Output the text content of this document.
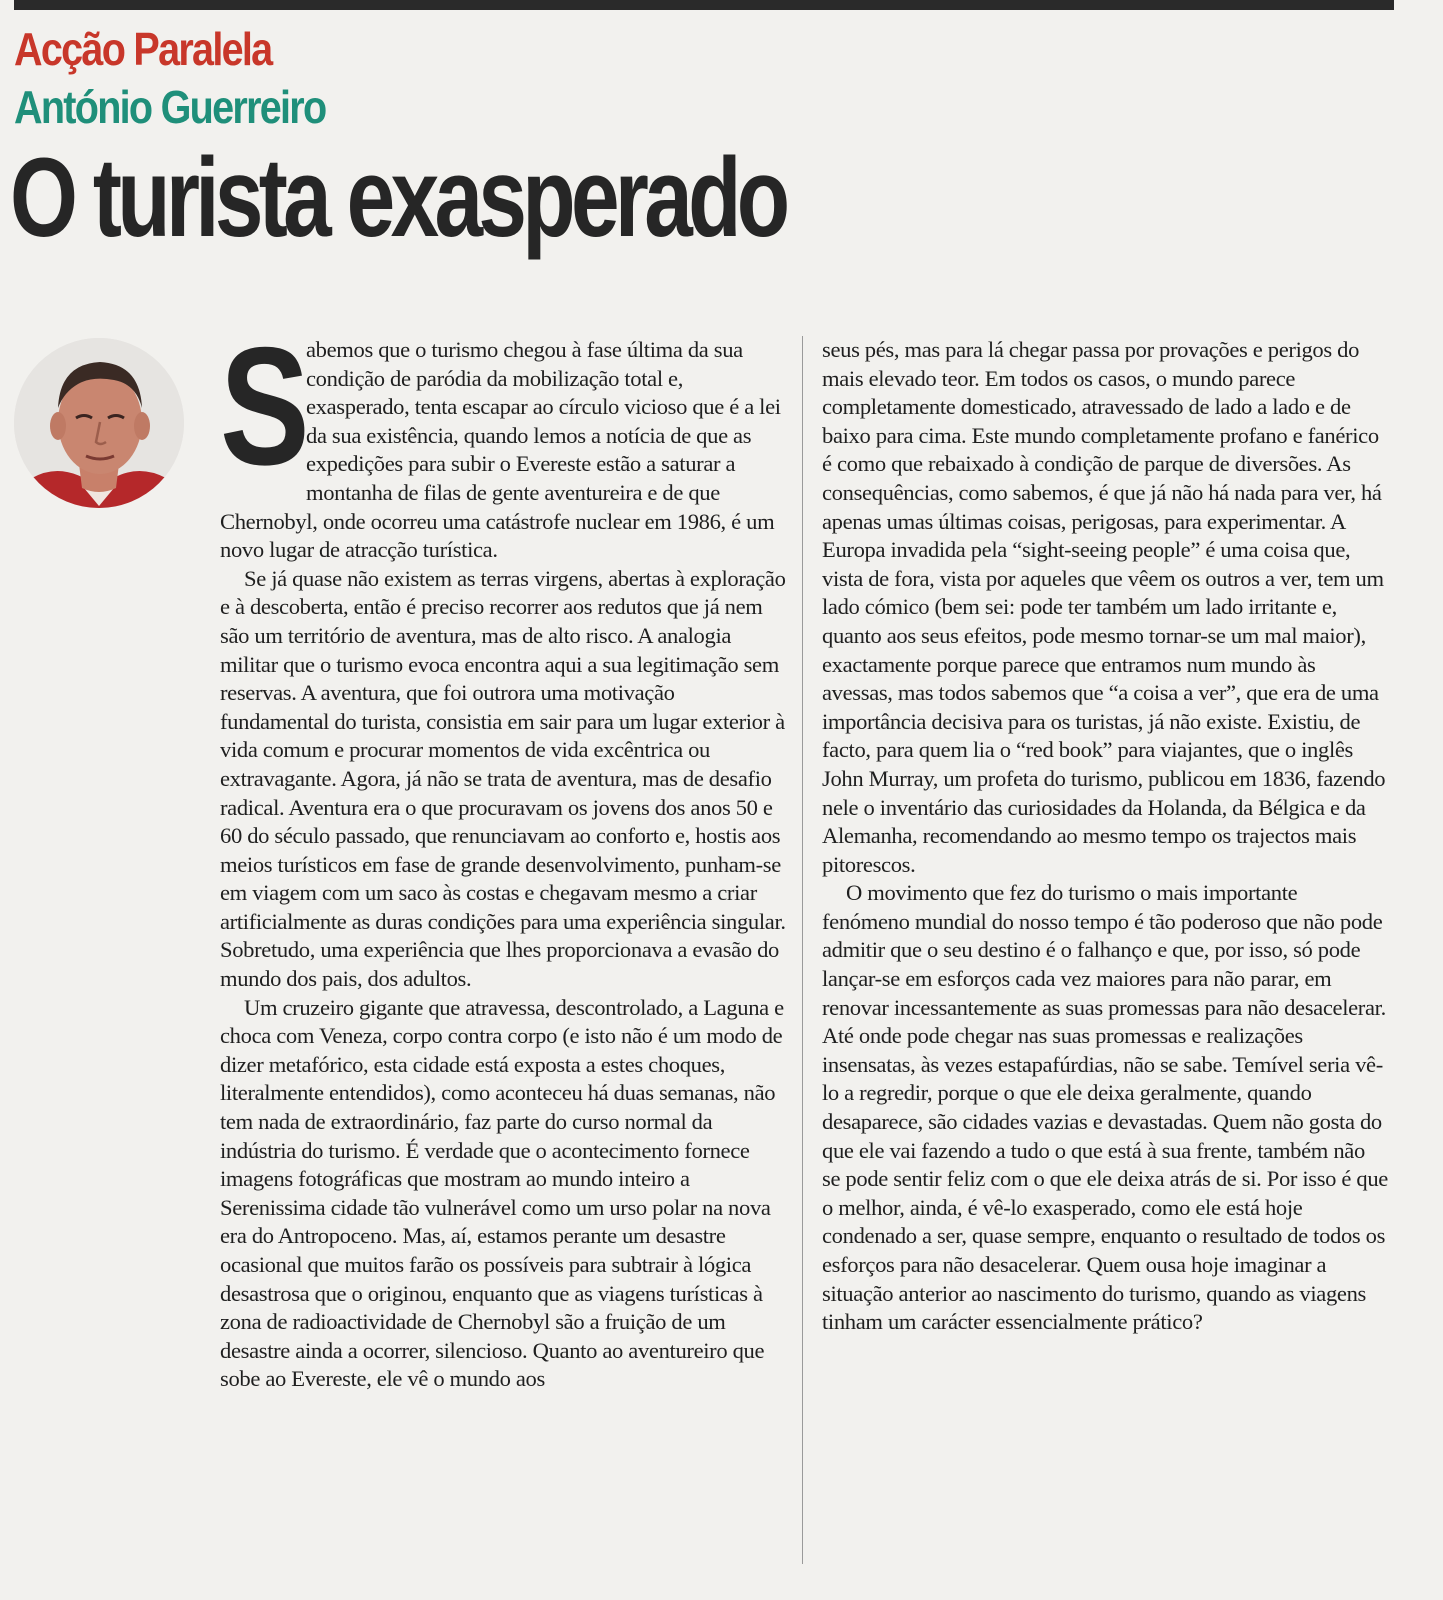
Acção Paralela
António Guerreiro
O turista exasperado
S

abemos que o turismo chegou à fase última da sua condição de paródia da mobilização total e, exasperado, tenta escapar ao círculo vicioso que é a lei da sua existência, quando lemos a notícia de que as expedições para subir o Evereste estão a saturar a montanha de filas de gente aventureira e de que Chernobyl, onde ocorreu uma catástrofe nuclear em 1986, é um novo lugar de atracção turística.

Se já quase não existem as terras virgens, abertas à exploração e à descoberta, então é preciso recorrer aos redutos que já nem são um território de aventura, mas de alto risco. A analogia militar que o turismo evoca encontra aqui a sua legitimação sem reservas. A aventura, que foi outrora uma motivação fundamental do turista, consistia em sair para um lugar exterior à vida comum e procurar momentos de vida excêntrica ou extravagante. Agora, já não se trata de aventura, mas de desafio radical. Aventura era o que procuravam os jovens dos anos 50 e 60 do século passado, que renunciavam ao conforto e, hostis aos meios turísticos em fase de grande desenvolvimento, punham-se em viagem com um saco às costas e chegavam mesmo a criar artificialmente as duras condições para uma experiência singular. Sobretudo, uma experiência que lhes proporcionava a evasão do mundo dos pais, dos adultos.

Um cruzeiro gigante que atravessa, descontrolado, a Laguna e choca com Veneza, corpo contra corpo (e isto não é um modo de dizer metafórico, esta cidade está exposta a estes choques, literalmente entendidos), como aconteceu há duas semanas, não tem nada de extraordinário, faz parte do curso normal da indústria do turismo. É verdade que o acontecimento fornece imagens fotográficas que mostram ao mundo inteiro a Serenissima cidade tão vulnerável como um urso polar na nova era do Antropoceno. Mas, aí, estamos perante um desastre ocasional que muitos farão os possíveis para subtrair à lógica desastrosa que o originou, enquanto que as viagens turísticas à zona de radioactividade de Chernobyl são a fruição de um desastre ainda a ocorrer, silencioso. Quanto ao aventureiro que sobe ao Evereste, ele vê o mundo aos

seus pés, mas para lá chegar passa por provações e perigos do mais elevado teor. Em todos os casos, o mundo parece completamente domesticado, atravessado de lado a lado e de baixo para cima. Este mundo completamente profano e fanérico é como que rebaixado à condição de parque de diversões. As consequências, como sabemos, é que já não há nada para ver, há apenas umas últimas coisas, perigosas, para experimentar. A Europa invadida pela “sight-seeing people” é uma coisa que, vista de fora, vista por aqueles que vêem os outros a ver, tem um lado cómico (bem sei: pode ter também um lado irritante e, quanto aos seus efeitos, pode mesmo tornar-se um mal maior), exactamente porque parece que entramos num mundo às avessas, mas todos sabemos que “a coisa a ver”, que era de uma importância decisiva para os turistas, já não existe. Existiu, de facto, para quem lia o “red book” para viajantes, que o inglês John Murray, um profeta do turismo, publicou em 1836, fazendo nele o inventário das curiosidades da Holanda, da Bélgica e da Alemanha, recomendando ao mesmo tempo os trajectos mais pitorescos.

O movimento que fez do turismo o mais importante fenómeno mundial do nosso tempo é tão poderoso que não pode admitir que o seu destino é o falhanço e que, por isso, só pode lançar-se em esforços cada vez maiores para não parar, em renovar incessantemente as suas promessas para não desacelerar. Até onde pode chegar nas suas promessas e realizações insensatas, às vezes estapafúrdias, não se sabe. Temível seria vê-lo a regredir, porque o que ele deixa geralmente, quando desaparece, são cidades vazias e devastadas. Quem não gosta do que ele vai fazendo a tudo o que está à sua frente, também não se pode sentir feliz com o que ele deixa atrás de si. Por isso é que o melhor, ainda, é vê-lo exasperado, como ele está hoje condenado a ser, quase sempre, enquanto o resultado de todos os esforços para não desacelerar. Quem ousa hoje imaginar a situação anterior ao nascimento do turismo, quando as viagens tinham um carácter essencialmente prático?
